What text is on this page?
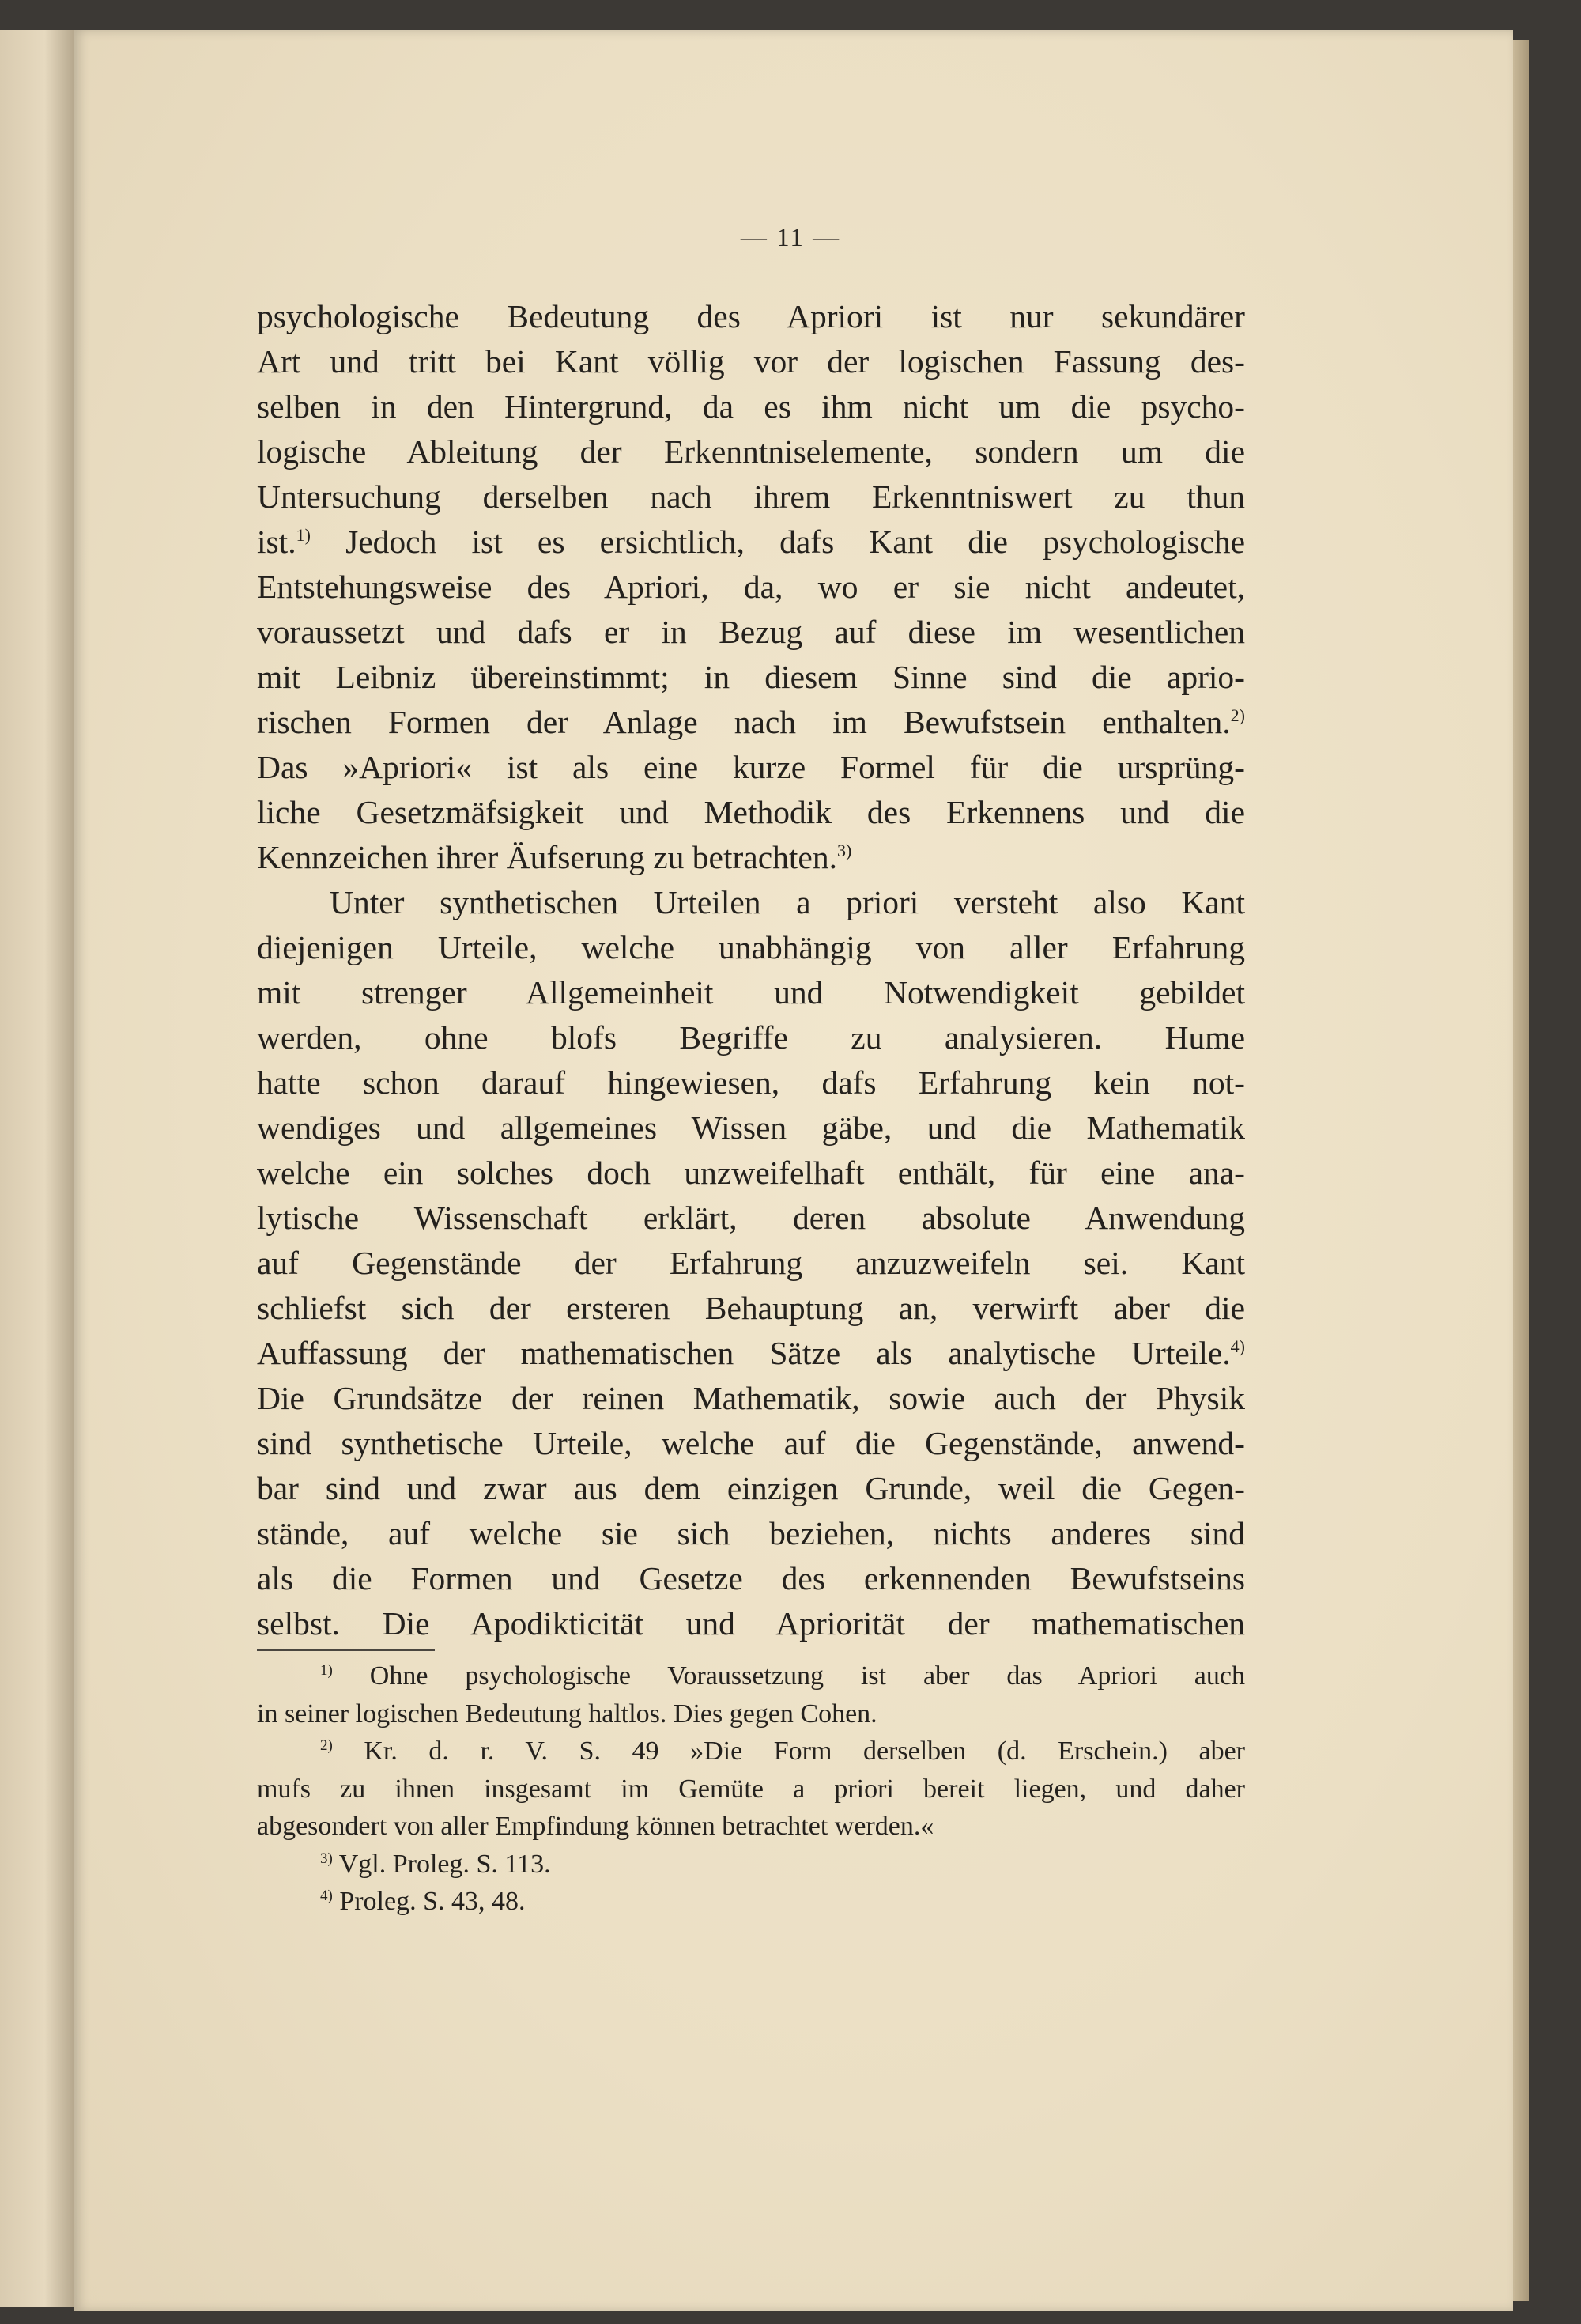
— 11 —

psychologische Bedeutung des Apriori ist nur sekundärer
Art und tritt bei Kant völlig vor der logischen Fassung des-
selben in den Hintergrund, da es ihm nicht um die psycho-
logische Ableitung der Erkenntniselemente, sondern um die
Untersuchung derselben nach ihrem Erkenntniswert zu thun
ist.$^{1)}$ Jedoch ist es ersichtlich, dafs Kant die psychologische
Entstehungsweise des Apriori, da, wo er sie nicht andeutet,
voraussetzt und dafs er in Bezug auf diese im wesentlichen
mit Leibniz übereinstimmt; in diesem Sinne sind die aprio-
rischen Formen der Anlage nach im Bewufstsein enthalten.$^{2)}$
Das »Apriori« ist als eine kurze Formel für die ursprüng-
liche Gesetzmäfsigkeit und Methodik des Erkennens und die
Kennzeichen ihrer Äufserung zu betrachten.$^{3)}$
Unter synthetischen Urteilen a priori versteht also Kant
diejenigen Urteile, welche unabhängig von aller Erfahrung
mit strenger Allgemeinheit und Notwendigkeit gebildet
werden, ohne blofs Begriffe zu analysieren. Hume
hatte schon darauf hingewiesen, dafs Erfahrung kein not-
wendiges und allgemeines Wissen gäbe, und die Mathematik
welche ein solches doch unzweifelhaft enthält, für eine ana-
lytische Wissenschaft erklärt, deren absolute Anwendung
auf Gegenstände der Erfahrung anzuzweifeln sei. Kant
schliefst sich der ersteren Behauptung an, verwirft aber die
Auffassung der mathematischen Sätze als analytische Urteile.$^{4)}$
Die Grundsätze der reinen Mathematik, sowie auch der Physik
sind synthetische Urteile, welche auf die Gegenstände, anwend-
bar sind und zwar aus dem einzigen Grunde, weil die Gegen-
stände, auf welche sie sich beziehen, nichts anderes sind
als die Formen und Gesetze des erkennenden Bewufstseins
selbst. Die Apodikticität und Apriorität der mathematischen
$^{1)}$ Ohne psychologische Voraussetzung ist aber das Apriori auch
in seiner logischen Bedeutung haltlos. Dies gegen Cohen.
$^{2)}$ Kr. d. r. V. S. 49 »Die Form derselben (d. Erschein.) aber
mufs zu ihnen insgesamt im Gemüte a priori bereit liegen, und daher
abgesondert von aller Empfindung können betrachtet werden.«
$^{3)}$ Vgl. Proleg. S. 113.
$^{4)}$ Proleg. S. 43, 48.
